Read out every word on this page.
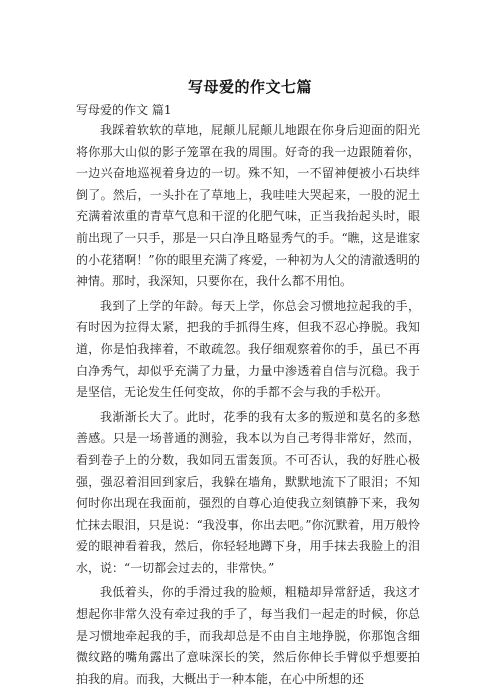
写母爱的作文七篇
写母爱的作文 篇1

我踩着软软的草地，屁颠儿屁颠儿地跟在你身后迎面的阳光将你那大山似的影子笼罩在我的周围。好奇的我一边跟随着你，一边兴奋地巡视着身边的一切。殊不知，一不留神便被小石块绊倒了。然后，一头扑在了草地上，我哇哇大哭起来，一股的泥土充满着浓重的青草气息和干涩的化肥气味，正当我抬起头时，眼前出现了一只手，那是一只白净且略显秀气的手。“瞧，这是谁家的小花猪啊！”你的眼里充满了疼爱，一种初为人父的清澈透明的神情。那时，我深知，只要你在，我什么都不用怕。

我到了上学的年龄。每天上学，你总会习惯地拉起我的手，有时因为拉得太紧，把我的手抓得生疼，但我不忍心挣脱。我知道，你是怕我摔着，不敢疏忽。我仔细观察着你的手，虽已不再白净秀气，却似乎充满了力量，力量中渗透着自信与沉稳。我于是坚信，无论发生任何变故，你的手都不会与我的手松开。

我渐渐长大了。此时，花季的我有太多的叛逆和莫名的多愁善感。只是一场普通的测验，我本以为自己考得非常好，然而，看到卷子上的分数，我如同五雷轰顶。不可否认，我的好胜心极强，强忍着泪回到家后，我躲在墙角，默默地流下了眼泪；不知何时你出现在我面前，强烈的自尊心迫使我立刻镇静下来，我匆忙抹去眼泪，只是说：“我没事，你出去吧。”你沉默着，用万般怜爱的眼神看着我，然后，你轻轻地蹲下身，用手抹去我脸上的泪水，说：“一切都会过去的，非常快。”

我低着头，你的手滑过我的脸颊，粗糙却异常舒适，我这才想起你非常久没有牵过我的手了，每当我们一起走的时候，你总是习惯地牵起我的手，而我却总是不由自主地挣脱，你那饱含细微纹路的嘴角露出了意味深长的笑，然后你伸长手臂似乎想要拍拍我的肩。而我，大概出于一种本能，在心中所想的还
